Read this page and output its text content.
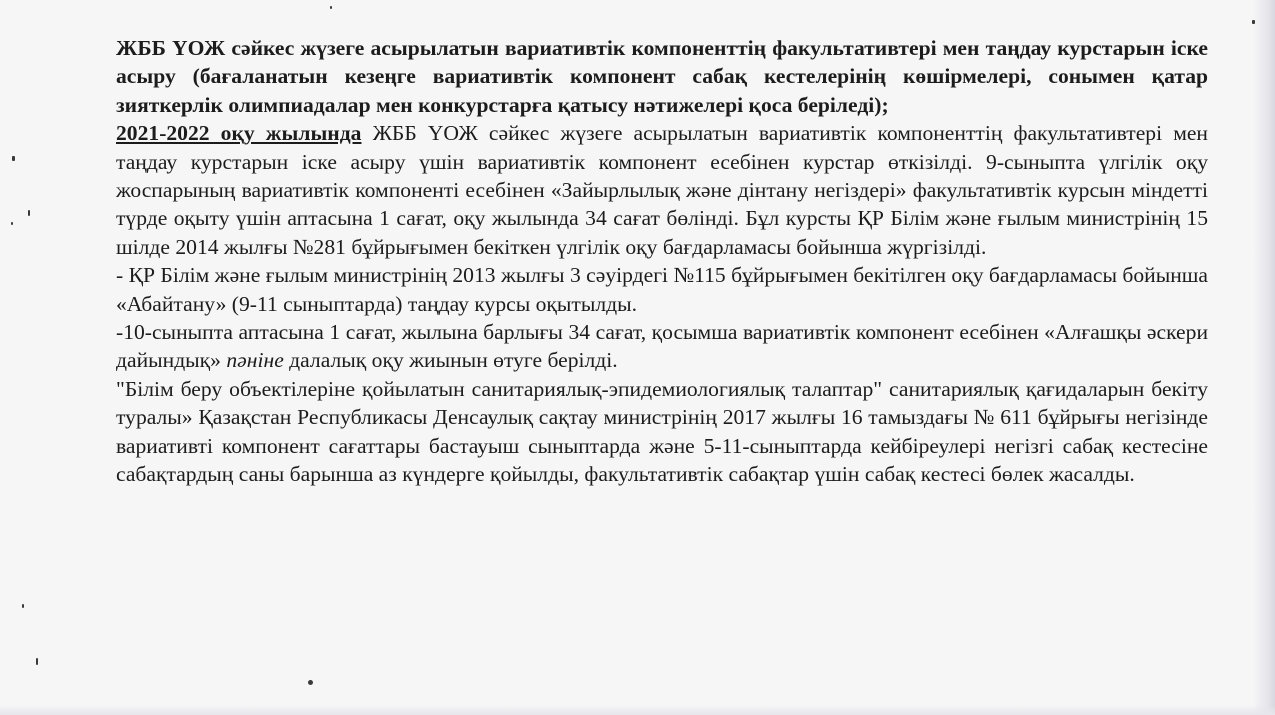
ЖББ ҮОЖ сәйкес жүзеге асырылатын вариативтік компоненттің факультативтері мен таңдау курстарын іске асыру (бағаланатын кезеңге вариативтік компонент сабақ кестелерінің көшірмелері, сонымен қатар зияткерлік олимпиадалар мен конкурстарға қатысу нәтижелері қоса беріледі);

2021-2022 оқу жылында ЖББ ҮОЖ сәйкес жүзеге асырылатын вариативтік компоненттің факультативтері мен таңдау курстарын іске асыру үшін вариативтік компонент есебінен курстар өткізілді. 9-сыныпта үлгілік оқу жоспарының вариативтік компоненті есебінен «Зайырлылық және дінтану негіздері» факультативтік курсын міндетті түрде оқыту үшін аптасына 1 сағат, оқу жылында 34 сағат бөлінді. Бұл курсты ҚР Білім және ғылым министрінің 15 шілде 2014 жылғы №281 бұйрығымен бекіткен үлгілік оқу бағдарламасы бойынша жүргізілді.

- ҚР Білім және ғылым министрінің 2013 жылғы 3 сәуірдегі №115 бұйрығымен бекітілген оқу бағдарламасы бойынша «Абайтану» (9-11 сыныптарда) таңдау курсы оқытылды.

-10-сыныпта аптасына 1 сағат, жылына барлығы 34 сағат, қосымша вариативтік компонент есебінен «Алғашқы әскери дайындық» пәніне далалық оқу жиынын өтуге берілді.

"Білім беру объектілеріне қойылатын санитариялық-эпидемиологиялық талаптар" санитариялық қағидаларын бекіту туралы» Қазақстан Республикасы Денсаулық сақтау министрінің 2017 жылғы 16 тамыздағы № 611 бұйрығы негізінде вариативті компонент сағаттары бастауыш сыныптарда және 5-11-сыныптарда кейбіреулері негізгі сабақ кестесіне сабақтардың саны барынша аз күндерге қойылды, факультативтік сабақтар үшін сабақ кестесі бөлек жасалды.
